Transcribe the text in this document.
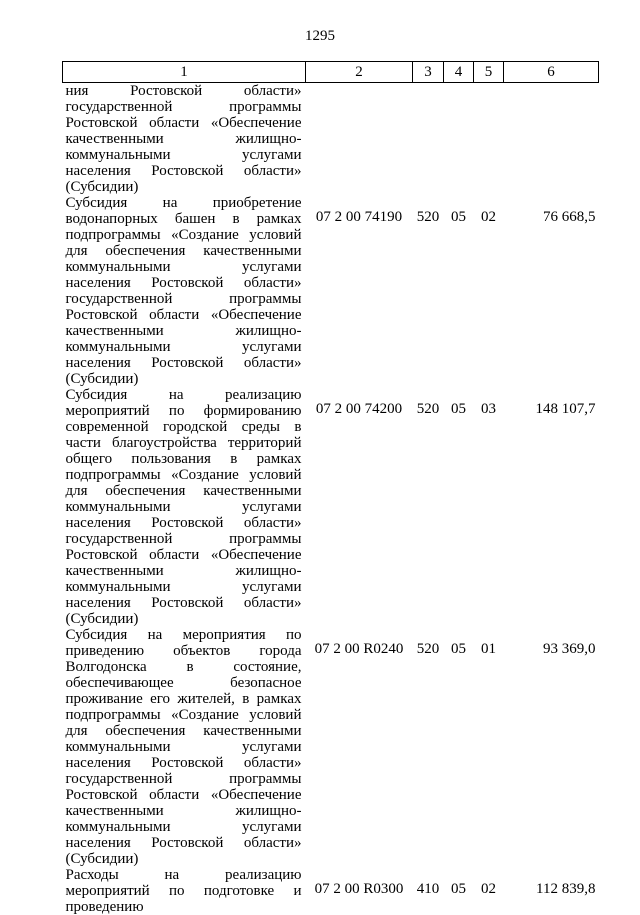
1295
1	2	3	4	5	6
ния Ростовской области» государственной программы Ростовской области «Обеспечение качественными жилищно-коммунальными услугами населения Ростовской области» (Субсидии)					
Субсидия на приобретение водонапорных башен в рамках подпрограммы «Создание условий для обеспечения качественными коммунальными услугами населения Ростовской области» государственной программы Ростовской области «Обеспечение качественными жилищно-коммунальными услугами населения Ростовской области» (Субсидии)	07 2 00 74190	520	05	02	76 668,5
Субсидия на реализацию мероприятий по формированию современной городской среды в части благоустройства территорий общего пользования в рамках подпрограммы «Создание условий для обеспечения качественными коммунальными услугами населения Ростовской области» государственной программы Ростовской области «Обеспечение качественными жилищно-коммунальными услугами населения Ростовской области» (Субсидии)	07 2 00 74200	520	05	03	148 107,7
Субсидия на мероприятия по приведению объектов города Волгодонска в состояние, обеспечивающее безопасное проживание его жителей, в рамках подпрограммы «Создание условий для обеспечения качественными коммунальными услугами населения Ростовской области» государственной программы Ростовской области «Обеспечение качественными жилищно-коммунальными услугами населения Ростовской области» (Субсидии)	07 2 00 R0240	520	05	01	93 369,0
Расходы на реализацию мероприятий по подготовке и проведению	07 2 00 R0300	410	05	02	112 839,8
